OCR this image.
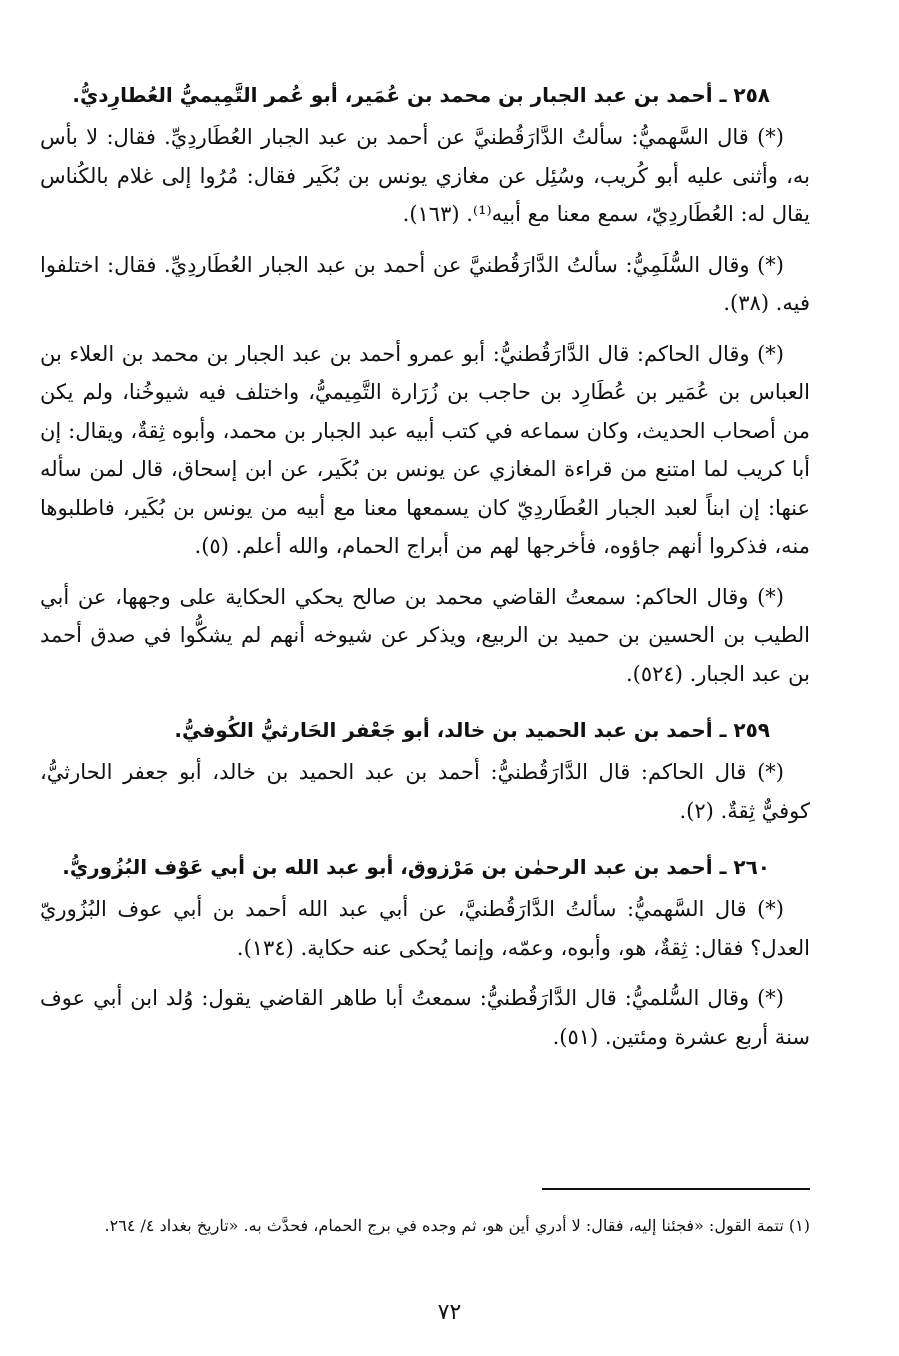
٢٥٨ ـ أحمد بن عبد الجبار بن محمد بن عُمَير، أبو عُمر التَّمِيميُّ العُطارِديُّ.

(*) قال السَّهميُّ: سألتُ الدَّارَقُطنيَّ عن أحمد بن عبد الجبار العُطَاردِيِّ. فقال: لا بأس به، وأثنى عليه أبو كُريب، وسُئِل عن مغازي يونس بن بُكَير فقال: مُرُوا إلى غلام بالكُناس يقال له: العُطَاردِيّ، سمع معنا مع أبيه⁽¹⁾. (١٦٣).

(*) وقال السُّلَمِيُّ: سألتُ الدَّارَقُطنيَّ عن أحمد بن عبد الجبار العُطَاردِيِّ. فقال: اختلفوا فيه. (٣٨).

(*) وقال الحاكم: قال الدَّارَقُطنيُّ: أبو عمرو أحمد بن عبد الجبار بن محمد بن العلاء بن العباس بن عُمَير بن عُطَارِد بن حاجب بن زُرَارة التَّمِيميُّ، واختلف فيه شيوخُنا، ولم يكن من أصحاب الحديث، وكان سماعه في كتب أبيه عبد الجبار بن محمد، وأبوه ثِقةٌ، ويقال: إن أبا كريب لما امتنع من قراءة المغازي عن يونس بن بُكَير، عن ابن إسحاق، قال لمن سأله عنها: إن ابناً لعبد الجبار العُطَاردِيّ كان يسمعها معنا مع أبيه من يونس بن بُكَير، فاطلبوها منه، فذكروا أنهم جاؤوه، فأخرجها لهم من أبراج الحمام، والله أعلم. (٥).

(*) وقال الحاكم: سمعتُ القاضي محمد بن صالح يحكي الحكاية على وجهها، عن أبي الطيب بن الحسين بن حميد بن الربيع، ويذكر عن شيوخه أنهم لم يشكُّوا في صدق أحمد بن عبد الجبار. (٥٢٤).

٢٥٩ ـ أحمد بن عبد الحميد بن خالد، أبو جَعْفر الحَارثيُّ الكُوفيُّ.

(*) قال الحاكم: قال الدَّارَقُطنيُّ: أحمد بن عبد الحميد بن خالد، أبو جعفر الحارثيُّ، كوفيٌّ ثِقةٌ. (٢).

٢٦٠ ـ أحمد بن عبد الرحمٰن بن مَرْزوق، أبو عبد الله بن أبي عَوْف البُزُوريُّ.

(*) قال السَّهميُّ: سألتُ الدَّارَقُطنيَّ، عن أبي عبد الله أحمد بن أبي عوف البُزُوريّ العدل؟ فقال: ثِقةٌ، هو، وأبوه، وعمّه، وإنما يُحكى عنه حكاية. (١٣٤).

(*) وقال السُّلميُّ: قال الدَّارَقُطنيُّ: سمعتُ أبا طاهر القاضي يقول: وُلد ابن أبي عوف سنة أربع عشرة ومئتين. (٥١).

(١) تتمة القول: «فجئنا إليه، فقال: لا أدري أين هو، ثم وجده في برج الحمام، فحدَّث به. «تاريخ بغداد ٤/ ٢٦٤.
٧٢
